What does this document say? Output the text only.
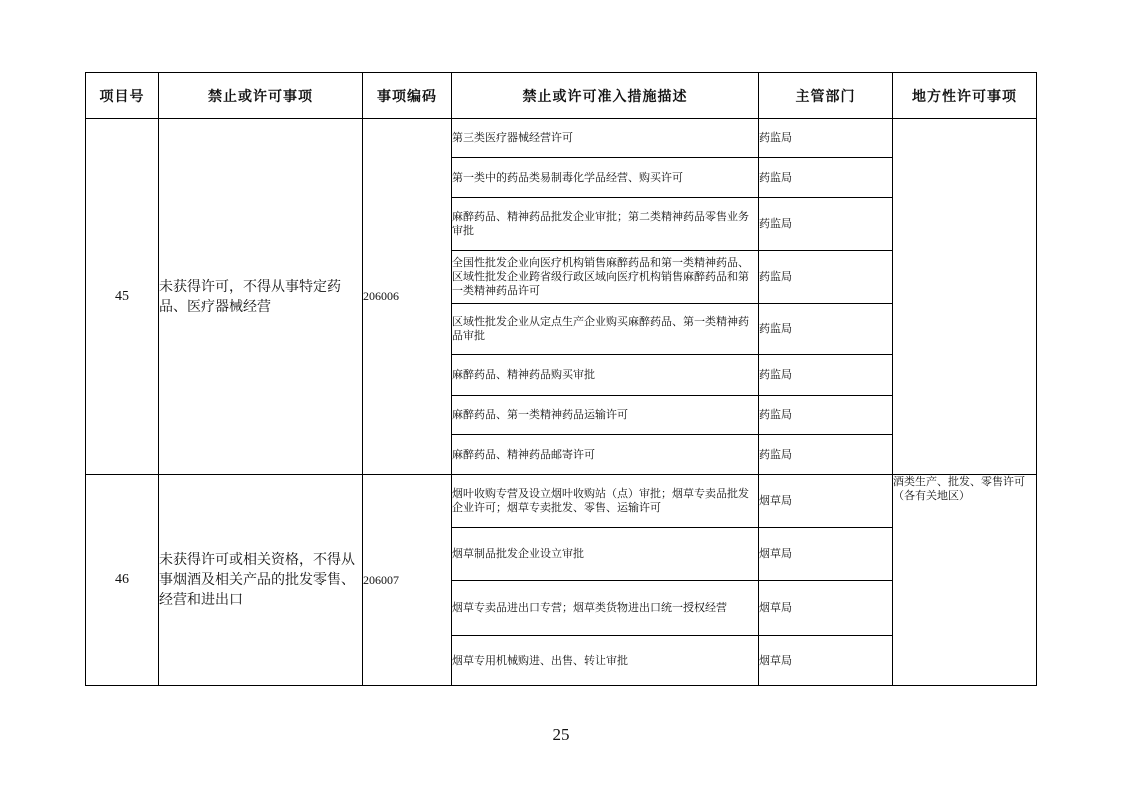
项目号	禁止或许可事项	事项编码	禁止或许可准入措施描述	主管部门	地方性许可事项
45	未获得许可，不得从事特定药品、医疗器械经营	206006	第三类医疗器械经营许可	药监局	
			第一类中的药品类易制毒化学品经营、购买许可	药监局	
			麻醉药品、精神药品批发企业审批；第二类精神药品零售业务审批	药监局	
			全国性批发企业向医疗机构销售麻醉药品和第一类精神药品、区域性批发企业跨省级行政区域向医疗机构销售麻醉药品和第一类精神药品许可	药监局	
			区域性批发企业从定点生产企业购买麻醉药品、第一类精神药品审批	药监局	
			麻醉药品、精神药品购买审批	药监局	
			麻醉药品、第一类精神药品运输许可	药监局	
			麻醉药品、精神药品邮寄许可	药监局	
46	未获得许可或相关资格，不得从事烟酒及相关产品的批发零售、经营和进出口	206007	烟叶收购专营及设立烟叶收购站（点）审批；烟草专卖品批发企业许可；烟草专卖批发、零售、运输许可	烟草局	酒类生产、批发、零售许可（各有关地区）
			烟草制品批发企业设立审批	烟草局	
			烟草专卖品进出口专营；烟草类货物进出口统一授权经营	烟草局	
			烟草专用机械购进、出售、转让审批	烟草局	
25
